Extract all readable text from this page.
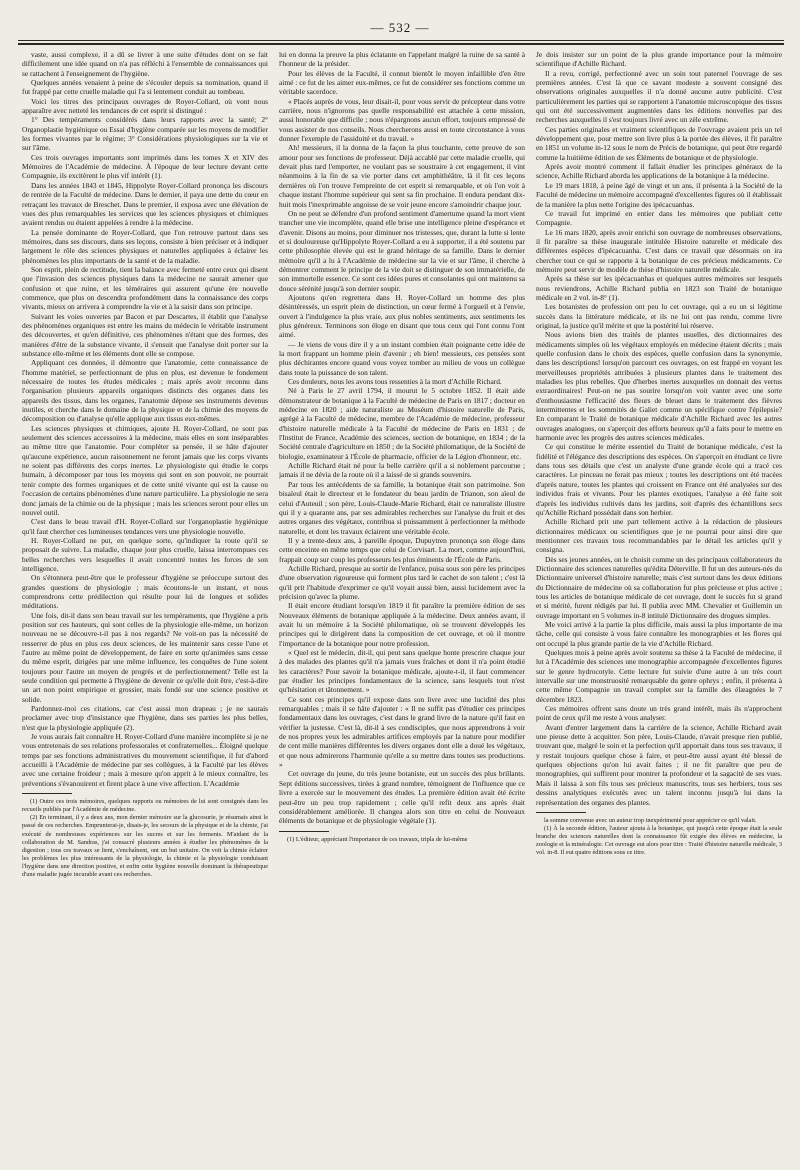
— 532 —

vaste, aussi complexe, il a dû se livrer à une suite d'études dont on se fait difficilement une idée quand on n'a pas réfléchi à l'ensemble de connaissances qui se rattachent à l'enseignement de l'hygiène.

Quelques années venaient à peine de s'écouler depuis sa nomination, quand il fut frappé par cette cruelle maladie qui l'a si lentement conduit au tombeau.

Voici les titres des principaux ouvrages de Royer-Collard, où vont nous apparaître avec netteté les tendances de cet esprit si distingué :

1° Des tempéraments considérés dans leurs rapports avec la santé; 2° Organoplastie hygiénique ou Essai d'hygiène comparée sur les moyens de modifier les formes vivantes par le régime; 3° Considérations physiologiques sur la vie et sur l'âme.

Ces trois ouvrages importants sont imprimés dans les tomes X et XIV des Mémoires de l'Académie de médecine. À l'époque de leur lecture devant cette Compagnie, ils excitèrent le plus vif intérêt (1).

Dans les années 1843 et 1845, Hippolyte Royer-Collard prononça les discours de rentrée de la Faculté de médecine. Dans le dernier, il paya une dette du cœur en retraçant les travaux de Breschet. Dans le premier, il exposa avec une élévation de vues des plus remarquables les services que les sciences physiques et chimiques avaient rendus ou étaient appelées à rendre à la médecine.

La pensée dominante de Royer-Collard, que l'on retrouve partout dans ses mémoires, dans ses discours, dans ses leçons, consiste à bien préciser et à indiquer largement le rôle des sciences physiques et naturelles appliquées à éclairer les phénomènes les plus importants de la santé et de la maladie.

Son esprit, plein de rectitude, tient la balance avec fermeté entre ceux qui disent que l'invasion des sciences physiques dans la médecine ne saurait amener que confusion et que ruine, et les téméraires qui assurent qu'une ère nouvelle commence, que plus on descendra profondément dans la connaissance des corps vivants, mieux on arrivera à comprendre la vie et à la saisir dans son principe.

Suivant les voies ouvertes par Bacon et par Descartes, il établit que l'analyse des phénomènes organiques est entre les mains du médecin le véritable instrument des découvertes, et qu'en définitive, ces phénomènes n'étant que des formes, des manières d'être de la substance vivante, il s'ensuit que l'analyse doit porter sur la substance elle-même et les éléments dont elle se compose.

Appliquant ces données, il démontre que l'anatomie, cette connaissance de l'homme matériel, se perfectionnant de plus en plus, est devenue le fondement nécessaire de toutes les études médicales ; mais après avoir reconnu dans l'organisation plusieurs appareils organiques distincts des organes dans les appareils des tissus, dans les organes, l'anatomie dépose ses instruments devenus inutiles, et cherche dans le domaine de la physique et de la chimie des moyens de décomposition ou d'analyse qu'elle applique aux tissus eux-mêmes.

Les sciences physiques et chimiques, ajoute H. Royer-Collard, ne sont pas seulement des sciences accessoires à la médecine, mais elles en sont inséparables au même titre que l'anatomie. Pour compléter sa pensée, il se hâte d'ajouter qu'aucune expérience, aucun raisonnement ne feront jamais que les corps vivants ne soient pas différents des corps inertes. Le physiologiste qui étudie le corps humain, à décomposer par tous les moyens qui sont en son pouvoir, ne pourrait tenir compte des formes organiques et de cette unité vivante qui est la cause ou l'occasion de certains phénomènes d'une nature particulière. La physiologie ne sera donc jamais de la chimie ou de la physique ; mais les sciences seront pour elles un nouvel outil.

C'est dans le beau travail d'H. Royer-Collard sur l'organoplastie hygiénique qu'il faut chercher ces lumineuses tendances vers une physiologie nouvelle.

H. Royer-Collard ne put, en quelque sorte, qu'indiquer la route qu'il se proposait de suivre. La maladie, chaque jour plus cruelle, laissa interrompues ces belles recherches vers lesquelles il avait concentré toutes les forces de son intelligence.

On s'étonnera peut-être que le professeur d'hygiène se préoccupe surtout des grandes questions de physiologie ; mais écoutons-le un instant, et nous comprendrons cette prédilection qui résulte pour lui de longues et solides méditations.

Une fois, dit-il dans son beau travail sur les tempéraments, que l'hygiène a pris position sur ces hauteurs, qui sont celles de la physiologie elle-même, un horizon nouveau ne se découvre-t-il pas à nos regards? Ne voit-on pas la nécessité de resserrer de plus en plus ces deux sciences, de les maintenir sans cesse l'une et l'autre au même point de développement, de faire en sorte qu'animées sans cesse du même esprit, dirigées par une même influence, les conquêtes de l'une soient toujours pour l'autre un moyen de progrès et de perfectionnement? Telle est la seule condition qui permette à l'hygiène de devenir ce qu'elle doit être, c'est-à-dire un art non point empirique et grossier, mais fondé sur une science positive et solide.

Pardonnez-moi ces citations, car c'est aussi mon drapeau ; je ne saurais proclamer avec trop d'insistance que l'hygiène, dans ses parties les plus belles, n'est que la physiologie appliquée (2).

Je vous aurais fait connaître H. Royer-Collard d'une manière incomplète si je ne vous entretenais de ses relations professorales et confraternelles... Éloigné quelque temps par ses fonctions administratives du mouvement scientifique, il fut d'abord accueilli à l'Académie de médecine par ses collègues, à la Faculté par les élèves avec une certaine froideur ; mais à mesure qu'on apprit à le mieux connaître, les préventions s'évanouirent et firent place à une vive affection. L'Académie

(1) Outre ces trois mémoires, quelques rapports ou mémoires de lui sont consignés dans les recueils publiés par l'Académie de médecine.

(2) En terminant, il y a deux ans, mon dernier mémoire sur la glucosurie, je résumais ainsi le passé de ces recherches. Emprunterai-je, disais-je, les secours de la physique et de la chimie, j'ai exécuté de nombreuses expériences sur les sucres et sur les ferments. M'aidant de la collaboration de M. Sandras, j'ai consacré plusieurs années à étudier les phénomènes de la digestion ; tous ces travaux se lient, s'enchaînent, ont un but unitaire. On voit la chimie éclairer les problèmes les plus intéressants de la physiologie, la chimie et la physiologie conduisant l'hygiène dans une direction positive, et enfin cette hygiène nouvelle dominant la thérapeutique d'une maladie jugée incurable avant ces recherches.

lui en donna la preuve la plus éclatante en l'appelant malgré la ruine de sa santé à l'honneur de la présider.

Pour les élèves de la Faculté, il connut bientôt le moyen infaillible d'en être aimé : ce fut de les aimer eux-mêmes, ce fut de considérer ses fonctions comme un véritable sacerdoce.

« Placés auprès de vous, leur disait-il, pour vous servir de précepteur dans votre carrière, nous n'ignorons pas quelle responsabilité est attachée à cette mission, aussi honorable que difficile ; nous n'épargnons aucun effort, toujours empressé de vous assister de nos conseils. Nous chercherons aussi en toute circonstance à vous donner l'exemple de l'assiduité et du travail. »

Ah! messieurs, il la donna de la façon la plus touchante, cette preuve de son amour pour ses fonctions de professeur. Déjà accablé par cette maladie cruelle, qui devait plus tard l'emporter, ne voulant pas se soustraire à cet engagement, il vint néanmoins à la fin de sa vie porter dans cet amphithéâtre, là il fit ces leçons dernières où l'on trouve l'empreinte de cet esprit si remarquable, et où l'on voit à chaque instant l'homme supérieur qui sent sa fin prochaine. Il endura pendant dix-huit mois l'inexprimable angoisse de se voir jeune encore s'amoindrir chaque jour.

On ne peut se défendre d'un profond sentiment d'amertume quand la mort vient trancher une vie incomplète, quand elle brise une intelligence pleine d'espérance et d'avenir. Disons au moins, pour diminuer nos tristesses, que, durant la lutte si lente et si douloureuse qu'Hippolyte Royer-Collard a eu à supporter, il a été soutenu par cette philosophie élevée qui est le grand héritage de sa famille. Dans le dernier mémoire qu'il a lu à l'Académie de médecine sur la vie et sur l'âme, il cherche à démontrer comment le principe de la vie doit se distinguer de son immatérielle, de son immortelle essence. Ce sont ces idées pures et consolantes qui ont maintenu sa douce sérénité jusqu'à son dernier soupir.

Ajoutons qu'en regrettera dans H. Royer-Collard un homme des plus désintéressés, un esprit plein de distinction, un cœur fermé à l'orgueil et à l'envie, ouvert à l'indulgence la plus vraie, aux plus nobles sentiments, aux sentiments les plus généreux. Terminons son éloge en disant que tous ceux qui l'ont connu l'ont aimé.

— Je viens de vous dire il y a un instant combien était poignante cette idée de la mort frappant un homme plein d'avenir ; eh bien! messieurs, ces pensées sont plus déchirantes encore quand vous voyez tomber au milieu de vous un collègue dans toute la puissance de son talent.

Ces douleurs, nous les avons tous ressenties à la mort d'Achille Richard.

Né à Paris le 27 avril 1794, il mourut le 5 octobre 1852. Il était aide démonstrateur de botanique à la Faculté de médecine de Paris en 1817 ; docteur en médecine en 1820 ; aide naturaliste au Muséum d'histoire naturelle de Paris, agrégé à la Faculté de médecine, membre de l'Académie de médecine, professeur d'histoire naturelle médicale à la Faculté de médecine de Paris en 1831 ; de l'Institut de France, Académie des sciences, section de botanique, en 1834 ; de la Société centrale d'agriculture en 1850 ; de la Société philomatique, de la Société de biologie, examinateur à l'École de pharmacie, officier de la Légion d'honneur, etc.

Achille Richard était né pour la belle carrière qu'il a si noblement parcourue ; jamais il ne dévia de la route où il a laissé de si grands souvenirs.

Par tous les antécédents de sa famille, la botanique était son patrimoine. Son bisaïeul était le directeur et le fondateur du beau jardin de Trianon, son aïeul de celui d'Auteuil ; son père, Louis-Claude-Marie Richard, était ce naturaliste illustre qui il y a quarante ans, par ses admirables recherches sur l'analyse du fruit et des autres organes des végétaux, contribua si puissamment à perfectionner la méthode naturelle, et dont les travaux éclairent une véritable école.

Il y a trente-deux ans, à pareille époque, Dupuytren prononça son éloge dans cette enceinte en même temps que celui de Corvisart. La mort, comme aujourd'hui, frappait coup sur coup les professeurs les plus éminents de l'École de Paris.

Achille Richard, presque au sortir de l'enfance, puisa sous son père les principes d'une observation rigoureuse qui forment plus tard le cachet de son talent ; c'est là qu'il prit l'habitude d'exprimer ce qu'il voyait aussi bien, aussi lucidement avec la précision qu'avec la plume.

Il était encore étudiant lorsqu'en 1819 il fit paraître la première édition de ses Nouveaux éléments de botanique appliquée à la médecine. Deux années avant, il avait lu un mémoire à la Société philomatique, où se trouvent développés les principes qui le dirigèrent dans la composition de cet ouvrage, et où il montre l'importance de la botanique pour notre profession.

« Quel est le médecin, dit-il, qui peut sans quelque honte prescrire chaque jour à des malades des plantes qu'il n'a jamais vues fraîches et dont il n'a point étudié les caractères? Pour savoir la botanique médicale, ajoute-t-il, il faut commencer par étudier les principes fondamentaux de la science, sans lesquels tout n'est qu'hésitation et tâtonnement. »

Ce sont ces principes qu'il expose dans son livre avec une lucidité des plus remarquables ; mais il se hâte d'ajouter : « Il ne suffit pas d'étudier ces principes fondamentaux dans les ouvrages, c'est dans le grand livre de la nature qu'il faut en vérifier la justesse. C'est là, dit-il à ses condisciples, que nous apprendrons à voir de nos propres yeux les admirables artifices employés par la nature pour modifier de cent mille manières différentes les divers organes dont elle a doué les végétaux, et que nous admirerons l'harmonie qu'elle a su mettre dans toutes ses productions. »

Cet ouvrage du jeune, du très jeune botaniste, eut un succès des plus brillants. Sept éditions successives, tirées à grand nombre, témoignent de l'influence que ce livre a exercée sur le mouvement des études. La première édition avait été écrite peut-être un peu trop rapidement ; celle qu'il refit deux ans après était considérablement améliorée. Il changea alors son titre en celui de Nouveaux éléments de botanique et de physiologie végétale (1).

(1) L'éditeur, appréciant l'importance de ces travaux, tripla de lui-même

Je dois insister sur un point de la plus grande importance pour la mémoire scientifique d'Achille Richard.

Il a revu, corrigé, perfectionné avec un soin tout paternel l'ouvrage de ses premières années. C'est là que ce savant modeste a souvent consigné des observations originales auxquelles il n'a donné aucune autre publicité. C'est particulièrement les parties qui se rapportent à l'anatomie microscopique des tissus qui ont été successivement augmentées dans les éditions nouvelles par des recherches auxquelles il s'est toujours livré avec un zèle extrême.

Ces parties originales et vraiment scientifiques de l'ouvrage avaient pris un tel développement que, pour mettre son livre plus à la portée des élèves, il fit paraître en 1851 un volume in-12 sous le nom de Précis de botanique, qui peut être regardé comme la huitième édition de ses Éléments de botanique et de physiologie.

Après avoir montré comment il fallait étudier les principes généraux de la science, Achille Richard aborda les applications de la botanique à la médecine.

Le 19 mars 1818, à peine âgé de vingt et un ans, il présenta à la Société de la Faculté de médecine un mémoire accompagné d'excellentes figures où il établissait de la manière la plus nette l'origine des ipécacuanhas.

Ce travail fut imprimé en entier dans les mémoires que publiait cette Compagnie.

Le 16 mars 1820, après avoir enrichi son ouvrage de nombreuses observations, il fit paraître sa thèse inaugurale intitulée Histoire naturelle et médicale des différentes espèces d'ipécacuanha. C'est dans ce travail que désormais on ira chercher tout ce qui se rapporte à la botanique de ces précieux médicaments. Ce mémoire peut servir de modèle de thèse d'histoire naturelle médicale.

Après sa thèse sur les ipécacuanhas et quelques autres mémoires sur lesquels nous reviendrons, Achille Richard publia en 1823 son Traité de botanique médicale en 2 vol. in-8° (1).

Les botanistes de profession ont peu lu cet ouvrage, qui a eu un si légitime succès dans la littérature médicale, et ils ne lui ont pas rendu, comme livre original, la justice qu'il mérite et que la postérité lui réserve.

Nous avions bien des traités de plantes usuelles, des dictionnaires des médicaments simples où les végétaux employés en médecine étaient décrits ; mais quelle confusion dans le choix des espèces, quelle confusion dans la synonymie, dans les descriptions! lorsqu'on parcourt ces ouvrages, on est frappé en voyant les merveilleuses propriétés attribuées à plusieurs plantes dans le traitement des maladies les plus rebelles. Que d'herbes inertes auxquelles on donnait des vertus extraordinaires! Peut-on ne pas sourire lorsqu'on voit vanter avec une sorte d'enthousiasme l'efficacité des fleurs de bleuet dans le traitement des fièvres intermittentes et les sommités de Galiet comme un spécifique contre l'épilepsie? En comparant le Traité de botanique médicale d'Achille Richard avec les autres ouvrages analogues, on s'aperçoit des efforts heureux qu'il a faits pour le mettre en harmonie avec les progrès des autres sciences médicales.

Ce qui constitue le mérite essentiel du Traité de botanique médicale, c'est la fidélité et l'élégance des descriptions des espèces. On s'aperçoit en étudiant ce livre dans tous ses détails que c'est un analyste d'une grande école qui a tracé ces caractères. Le pinceau ne ferait pas mieux ; toutes les descriptions ont été tracées d'après nature, toutes les plantes qui croissent en France ont été analysées sur des individus frais et vivants. Pour les plantes exotiques, l'analyse a été faite soit d'après les individus cultivés dans les jardins, soit d'après des échantillons secs qu'Achille Richard possédait dans son herbier.

Achille Richard prit une part tellement active à la rédaction de plusieurs dictionnaires médicaux ou scientifiques que je ne pourrai pour ainsi dire que mentionner ces travaux tous recommandables par le détail les articles qu'il y consigna.

Dès ses jeunes années, on le choisit comme un des principaux collaborateurs du Dictionnaire des sciences naturelles qu'édita Déterville. Il fut un des auteurs-nés du Dictionnaire universel d'histoire naturelle; mais c'est surtout dans les deux éditions du Dictionnaire de médecine où sa collaboration fut plus précieuse et plus active ; tous les articles de botanique médicale de cet ouvrage, dont le succès fut si grand et si mérité, furent rédigés par lui. Il publia avec MM. Chevalier et Guillemin un ouvrage important en 5 volumes in-8 intitulé Dictionnaire des drogues simples.

Me voici arrivé à la partie la plus difficile, mais aussi la plus importante de ma tâche, celle qui consiste à vous faire connaître les monographies et les flores qui ont occupé la plus grande partie de la vie d'Achille Richard.

Quelques mois à peine après avoir soutenu sa thèse à la Faculté de médecine, il lut à l'Académie des sciences une monographie accompagnée d'excellentes figures sur le genre hydrocotyle. Cette lecture fut suivie d'une autre à un très court intervalle sur une monstruosité remarquable du genre ophrys ; enfin, il présenta à cette même Compagnie un travail complet sur la famille des élæagnées le 7 décembre 1823.

Ces mémoires offrent sans doute un très grand intérêt, mais ils n'approchent point de ceux qu'il me reste à vous analyser.

Avant d'entrer largement dans la carrière de la science, Achille Richard avait une pieuse dette à acquitter. Son père, Louis-Claude, n'avait presque rien publié, trouvant que, malgré le soin et la perfection qu'il apportait dans tous ses travaux, il y restait toujours quelque chose à faire, et peut-être aussi ayant été blessé de quelques objections qu'on lui avait faites ; il ne fit paraître que peu de monographies, qui suffirent pour montrer la profondeur et la sagacité de ses vues. Mais il laissa à son fils tous ses précieux manuscrits, tous ses herbiers, tous ses dessins analytiques exécutés avec un talent inconnu jusqu'à lui dans la représentation des organes des plantes.

la somme convenue avec un auteur trop inexpérimenté pour apprécier ce qu'il valait.

(1) À la seconde édition, l'auteur ajouta à la botanique, qui jusqu'à cette époque était la seule branche des sciences naturelles dont la connaissance fût exigée des élèves en médecine, la zoologie et la minéralogie. Cet ouvrage eut alors pour titre : Traité d'histoire naturelle médicale, 3 vol. in-8. Il eut quatre éditions sous ce titre.
